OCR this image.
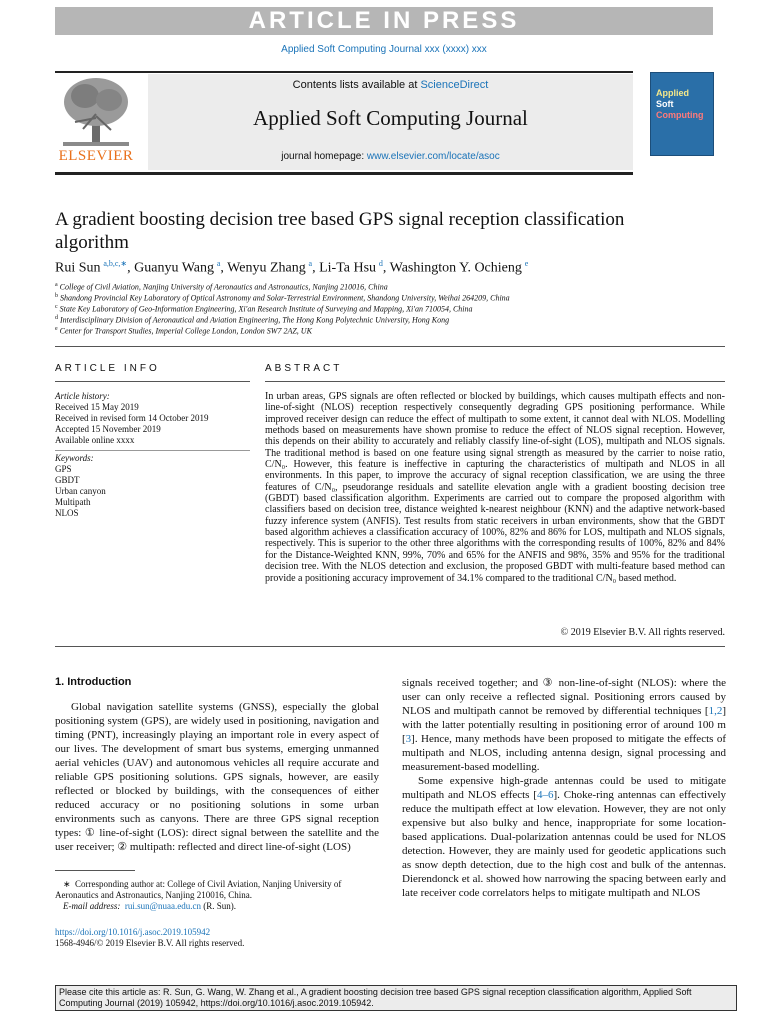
ARTICLE IN PRESS
Applied Soft Computing Journal xxx (xxxx) xxx
ELSEVIER
Contents lists available at ScienceDirect
Applied Soft Computing Journal
journal homepage: www.elsevier.com/locate/asoc
Applied
Soft
Computing
A gradient boosting decision tree based GPS signal reception classification algorithm
Rui Sun  $^{a,b,c,∗}$, Guanyu Wang  $^a$, Wenyu Zhang  $^a$, Li-Ta Hsu  $^d$, Washington Y. Ochieng  $^e$
$^a$ College of Civil Aviation, Nanjing University of Aeronautics and Astronautics, Nanjing 210016, China
$^b$ Shandong Provincial Key Laboratory of Optical Astronomy and Solar-Terrestrial Environment, Shandong University, Weihai 264209, China
$^c$ State Key Laboratory of Geo-Information Engineering, Xi'an Research Institute of Surveying and Mapping, Xi'an 710054, China
$^d$ Interdisciplinary Division of Aeronautical and Aviation Engineering, The Hong Kong Polytechnic University, Hong Kong
$^e$ Center for Transport Studies, Imperial College London, London SW7 2AZ, UK
ARTICLE INFO
Article history:
Received 15 May 2019
Received in revised form 14 October 2019
Accepted 15 November 2019
Available online xxxx
Keywords:
GPS
GBDT
Urban canyon
Multipath
NLOS
ABSTRACT
In urban areas, GPS signals are often reflected or blocked by buildings, which causes multipath effects and non-line-of-sight (NLOS) reception respectively consequently degrading GPS positioning performance. While improved receiver design can reduce the effect of multipath to some extent, it cannot deal with NLOS. Modelling methods based on measurements have shown promise to reduce the effect of NLOS signal reception. However, this depends on their ability to accurately and reliably classify line-of-sight (LOS), multipath and NLOS signals. The traditional method is based on one feature using signal strength as measured by the carrier to noise ratio, C/N₀. However, this feature is ineffective in capturing the characteristics of multipath and NLOS in all environments. In this paper, to improve the accuracy of signal reception classification, we are using the three features of C/N₀, pseudorange residuals and satellite elevation angle with a gradient boosting decision tree (GBDT) based classification algorithm. Experiments are carried out to compare the proposed algorithm with classifiers based on decision tree, distance weighted k-nearest neighbour (KNN) and the adaptive network-based fuzzy inference system (ANFIS). Test results from static receivers in urban environments, show that the GBDT based algorithm achieves a classification accuracy of 100%, 82% and 86% for LOS, multipath and NLOS signals, respectively. This is superior to the other three algorithms with the corresponding results of 100%, 82% and 84% for the Distance-Weighted KNN, 99%, 70% and 65% for the ANFIS and 98%, 35% and 95% for the traditional decision tree. With the NLOS detection and exclusion, the proposed GBDT with multi-feature based method can provide a positioning accuracy improvement of 34.1% compared to the traditional C/N₀ based method.
© 2019 Elsevier B.V. All rights reserved.
1. Introduction

Global navigation satellite systems (GNSS), especially the global positioning system (GPS), are widely used in positioning, navigation and timing (PNT), increasingly playing an important role in every aspect of our lives. The development of smart bus systems, emerging unmanned aerial vehicles (UAV) and autonomous vehicles all require accurate and reliable GPS positioning solutions. GPS signals, however, are easily reflected or blocked by buildings, with the consequences of either reduced accuracy or no positioning solutions in some urban environments such as canyons. There are three GPS signal reception types: ① line-of-sight (LOS): direct signal between the satellite and the user receiver; ② multipath: reflected and direct line-of-sight (LOS)

signals received together; and ③ non-line-of-sight (NLOS): where the user can only receive a reflected signal. Positioning errors caused by NLOS and multipath cannot be removed by differential techniques [1,2] with the latter potentially resulting in positioning error of around 100 m [3]. Hence, many methods have been proposed to mitigate the effects of multipath and NLOS, including antenna design, signal processing and measurement-based modelling.

Some expensive high-grade antennas could be used to mitigate multipath and NLOS effects [4–6]. Choke-ring antennas can effectively reduce the multipath effect at low elevation. However, they are not only expensive but also bulky and hence, inappropriate for some location-based applications. Dual-polarization antennas could be used for NLOS detection. However, they are mainly used for geodetic applications such as snow depth detection, due to the high cost and bulk of the antennas. Dierendonck et al. showed how narrowing the spacing between early and late receiver code correlators helps to mitigate multipath and NLOS

∗ Corresponding author at: College of Civil Aviation, Nanjing University of Aeronautics and Astronautics, Nanjing 210016, China.
E-mail address: rui.sun@nuaa.edu.cn (R. Sun).
https://doi.org/10.1016/j.asoc.2019.105942
1568-4946/© 2019 Elsevier B.V. All rights reserved.
Please cite this article as: R. Sun, G. Wang, W. Zhang et al., A gradient boosting decision tree based GPS signal reception classification algorithm, Applied Soft Computing Journal (2019) 105942, https://doi.org/10.1016/j.asoc.2019.105942.
